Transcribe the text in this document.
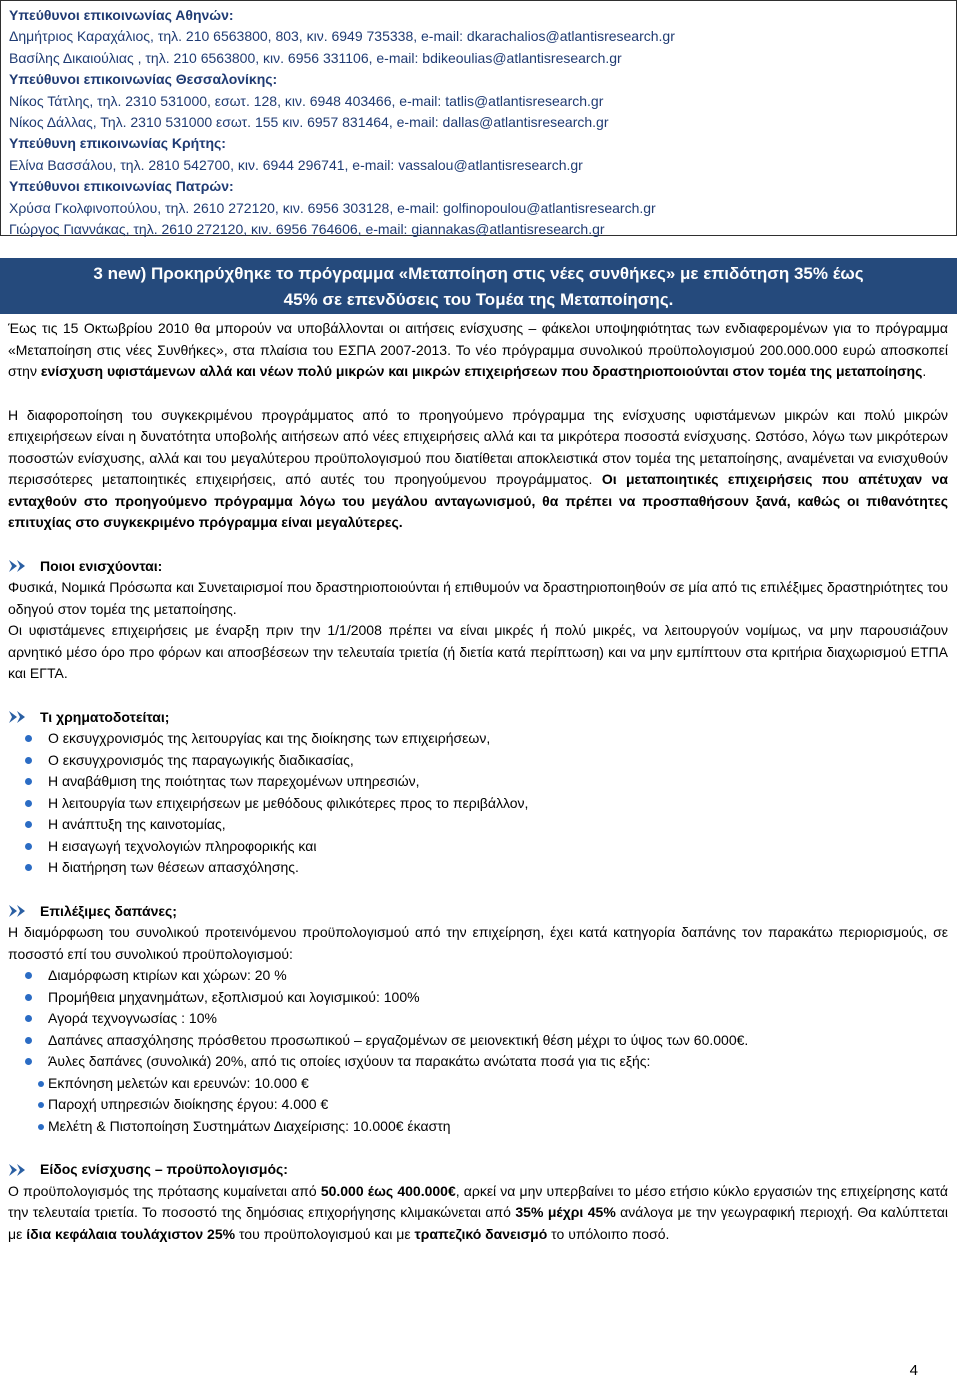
Υπεύθυνοι επικοινωνίας Αθηνών:
Δημήτριος Καραχάλιος, τηλ. 210 6563800, 803, κιν. 6949 735338, e-mail: dkarachalios@atlantisresearch.gr
Βασίλης Δικαιούλιας , τηλ. 210 6563800, κιν. 6956 331106, e-mail: bdikeoulias@atlantisresearch.gr
Υπεύθυνοι επικοινωνίας Θεσσαλονίκης:
Νίκος Τάτλης, τηλ. 2310 531000, εσωτ. 128, κιν. 6948 403466, e-mail: tatlis@atlantisresearch.gr
Νίκος Δάλλας, Τηλ. 2310 531000 εσωτ. 155 κιν. 6957 831464, e-mail: dallas@atlantisresearch.gr
Υπεύθυνη επικοινωνίας Κρήτης:
Ελίνα Βασσάλου, τηλ. 2810 542700, κιν. 6944 296741, e-mail: vassalou@atlantisresearch.gr
Υπεύθυνοι επικοινωνίας Πατρών:
Χρύσα Γκολφινοπούλου, τηλ. 2610 272120, κιν. 6956 303128, e-mail: golfinopoulou@atlantisresearch.gr
Γιώργος Γιαννάκας, τηλ. 2610 272120, κιν. 6956 764606, e-mail: giannakas@atlantisresearch.gr
3 new) Προκηρύχθηκε το πρόγραμμα «Μεταποίηση στις νέες συνθήκες» με επιδότηση 35% έως
45% σε επενδύσεις του Τομέα της Μεταποίησης.

Έως τις 15 Οκτωβρίου 2010 θα μπορούν να υποβάλλονται οι αιτήσεις ενίσχυσης – φάκελοι υποψηφιότητας των ενδιαφερομένων για το πρόγραμμα «Μεταποίηση στις νέες Συνθήκες», στα πλαίσια του ΕΣΠΑ 2007-2013. Το νέο πρόγραμμα συνολικού προϋπολογισμού 200.000.000 ευρώ αποσκοπεί στην ενίσχυση υφιστάμενων αλλά και νέων πολύ μικρών και μικρών επιχειρήσεων που δραστηριοποιούνται στον τομέα της μεταποίησης.

Η διαφοροποίηση του συγκεκριμένου προγράμματος από το προηγούμενο πρόγραμμα της ενίσχυσης υφιστάμενων μικρών και πολύ μικρών επιχειρήσεων είναι η δυνατότητα υποβολής αιτήσεων από νέες επιχειρήσεις αλλά και τα μικρότερα ποσοστά ενίσχυσης. Ωστόσο, λόγω των μικρότερων ποσοστών ενίσχυσης, αλλά και του μεγαλύτερου προϋπολογισμού που διατίθεται αποκλειστικά στον τομέα της μεταποίησης, αναμένεται να ενισχυθούν περισσότερες μεταποιητικές επιχειρήσεις, από αυτές του προηγούμενου προγράμματος. Οι μεταποιητικές επιχειρήσεις που απέτυχαν να ενταχθούν στο προηγούμενο πρόγραμμα λόγω του μεγάλου ανταγωνισμού, θα πρέπει να προσπαθήσουν ξανά, καθώς οι πιθανότητες επιτυχίας στο συγκεκριμένο πρόγραμμα είναι μεγαλύτερες.

Ποιοι ενισχύονται:

Φυσικά, Νομικά Πρόσωπα και Συνεταιρισμοί που δραστηριοποιούνται ή επιθυμούν να δραστηριοποιηθούν σε μία από τις επιλέξιμες δραστηριότητες του οδηγού στον τομέα της μεταποίησης.

Οι υφιστάμενες επιχειρήσεις με έναρξη πριν την 1/1/2008 πρέπει να είναι μικρές ή πολύ μικρές, να λειτουργούν νομίμως, να μην παρουσιάζουν αρνητικό μέσο όρο προ φόρων και αποσβέσεων την τελευταία τριετία (ή διετία κατά περίπτωση) και να μην εμπίπτουν στα κριτήρια διαχωρισμού ΕΤΠΑ και ΕΓΤΑ.

Τι χρηματοδοτείται;
Ο εκσυγχρονισμός της λειτουργίας και της διοίκησης των επιχειρήσεων,
Ο εκσυγχρονισμός της παραγωγικής διαδικασίας,
Η αναβάθμιση της ποιότητας των παρεχομένων υπηρεσιών,
Η λειτουργία των επιχειρήσεων με μεθόδους φιλικότερες προς το περιβάλλον,
Η ανάπτυξη της καινοτομίας,
Η εισαγωγή τεχνολογιών πληροφορικής και
Η διατήρηση των θέσεων απασχόλησης.
Επιλέξιμες δαπάνες;

Η διαμόρφωση του συνολικού προτεινόμενου προϋπολογισμού από την επιχείρηση, έχει κατά κατηγορία δαπάνης τον παρακάτω περιορισμούς, σε ποσοστό επί του συνολικού προϋπολογισμού:

Διαμόρφωση κτιρίων και χώρων: 20 %
Προμήθεια μηχανημάτων, εξοπλισμού και λογισμικού: 100%
Αγορά τεχνογνωσίας : 10%
Δαπάνες απασχόλησης πρόσθετου προσωπικού – εργαζομένων σε μειονεκτική θέση μέχρι το ύψος των 60.000€.
Άυλες δαπάνες (συνολικά) 20%, από τις οποίες ισχύουν τα παρακάτω ανώτατα ποσά για τις εξής:
Εκπόνηση μελετών και ερευνών: 10.000 €
Παροχή υπηρεσιών διοίκησης έργου: 4.000 €
Μελέτη & Πιστοποίηση Συστημάτων Διαχείρισης: 10.000€ έκαστη
Είδος ενίσχυσης – προϋπολογισμός:

Ο προϋπολογισμός της πρότασης κυμαίνεται από 50.000 έως 400.000€, αρκεί να μην υπερβαίνει το μέσο ετήσιο κύκλο εργασιών της επιχείρησης κατά την τελευταία τριετία. Το ποσοστό της δημόσιας επιχορήγησης κλιμακώνεται από 35% μέχρι 45% ανάλογα με την γεωγραφική περιοχή. Θα καλύπτεται με ίδια κεφάλαια τουλάχιστον 25% του προϋπολογισμού και με τραπεζικό δανεισμό το υπόλοιπο ποσό.

4
